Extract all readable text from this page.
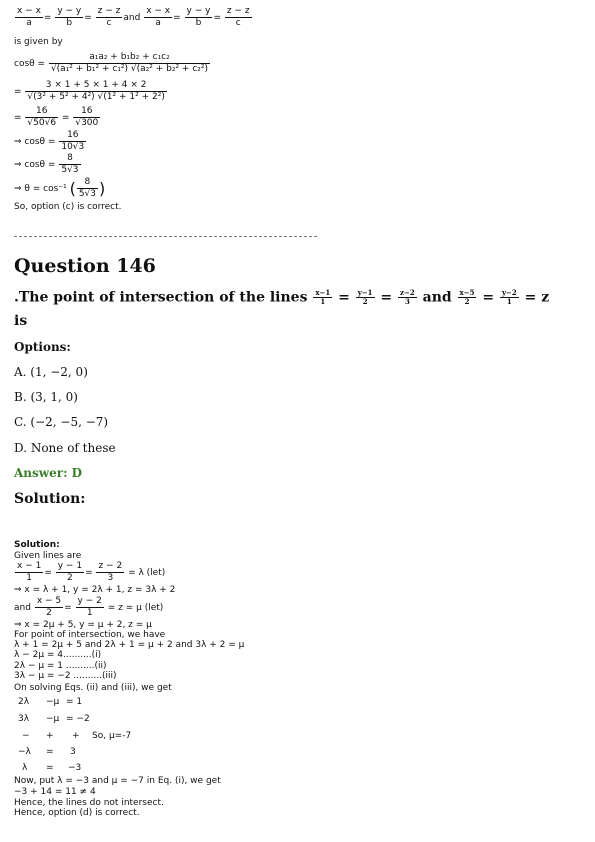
$\frac{x - x}{a} = \frac{y - y}{b} = \frac{z - z}{c}$ and $\frac{x - x}{a} = \frac{y - y}{b} = \frac{z - z}{c}$
is given by
$\cos\theta = \frac{\text{a₁a₂ + b₁b₂ + c₁c₂}}{\text{√(a₁² + b₁² + c₁²) √(a₂² + b₂² + c₂²)}}$
= $\frac{3 \times 1 + 5 \times 1 + 4 \times 2}{\text{√(3² + 5² + 4²) √(1² + 1² + 2²)}}$
= $\frac{16}{√50√6} = \frac{16}{√300}$
⇒ $\cos\theta = \frac{16}{10√3}$
⇒ $\cos\theta = \frac{8}{5√3}$
⇒ θ = cos⁻¹ ( $\frac{8}{5√3}$ )
So, option (c) is correct.
Question 146
.The point of intersection of the lines $\frac{x-1}{1} = \frac{y-1}{2} = \frac{z-2}{3}$ and $\frac{x-5}{2} = \frac{y-2}{1} = z$
is
Options:
A. (1, −2, 0)
B. (3, 1, 0)
C. (−2, −5, −7)
D. None of these
Answer: D
Solution:
Solution:
Given lines are
$\frac{x - 1}{1} = \frac{y - 1}{2} = \frac{z - 2}{3} = \lambda$ (let)
⇒ x = λ + 1, y = 2λ + 1, z = 3λ + 2
and $\frac{x - 5}{2} = \frac{y - 2}{1} = z = \mu$ (let)
⇒ x = 2μ + 5, y = μ + 2, z = μ
For point of intersection, we have
λ + 1 = 2μ + 5 and 2λ + 1 = μ + 2 and 3λ + 2 = μ
λ − 2μ = 4..........(i)
2λ − μ = 1 ..........(ii)
3λ − μ = −2 ..........(iii)
On solving Eqs. (ii) and (iii), we get
2λ −μ = 1
3λ −μ = −2
− + + So, μ=-7
−λ = 3
λ = −3
Now, put λ = −3 and μ = −7 in Eq. (i), we get
−3 + 14 = 11 ≠ 4
Hence, the lines do not intersect.
Hence, option (d) is correct.
